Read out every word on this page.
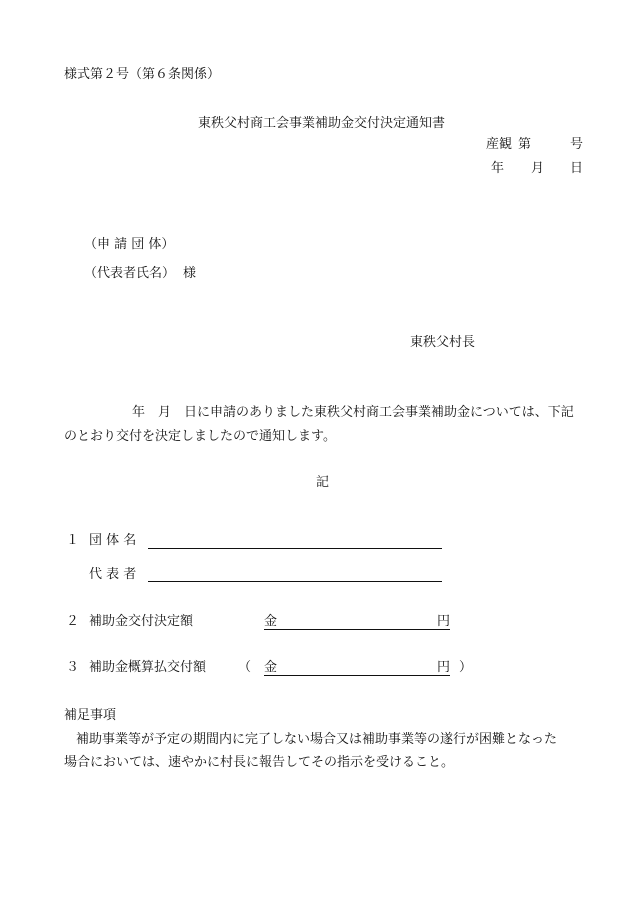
様式第２号（第６条関係）
東秩父村商工会事業補助金交付決定通知書
産観 第	号
年 月 日
（申 請 団 体）
（代表者氏名） 様
東秩父村長
年 月 日に申請のありました東秩父村商工会事業補助金については、下記
のとおり交付を決定しましたので通知します。
記
１ 団 体 名
代 表 者
２ 補助金交付決定額	金	円
３ 補助金概算払交付額 （ 金	円 ）
補足事項
補助事業等が予定の期間内に完了しない場合又は補助事業等の遂行が困難となった
場合においては、速やかに村長に報告してその指示を受けること。
